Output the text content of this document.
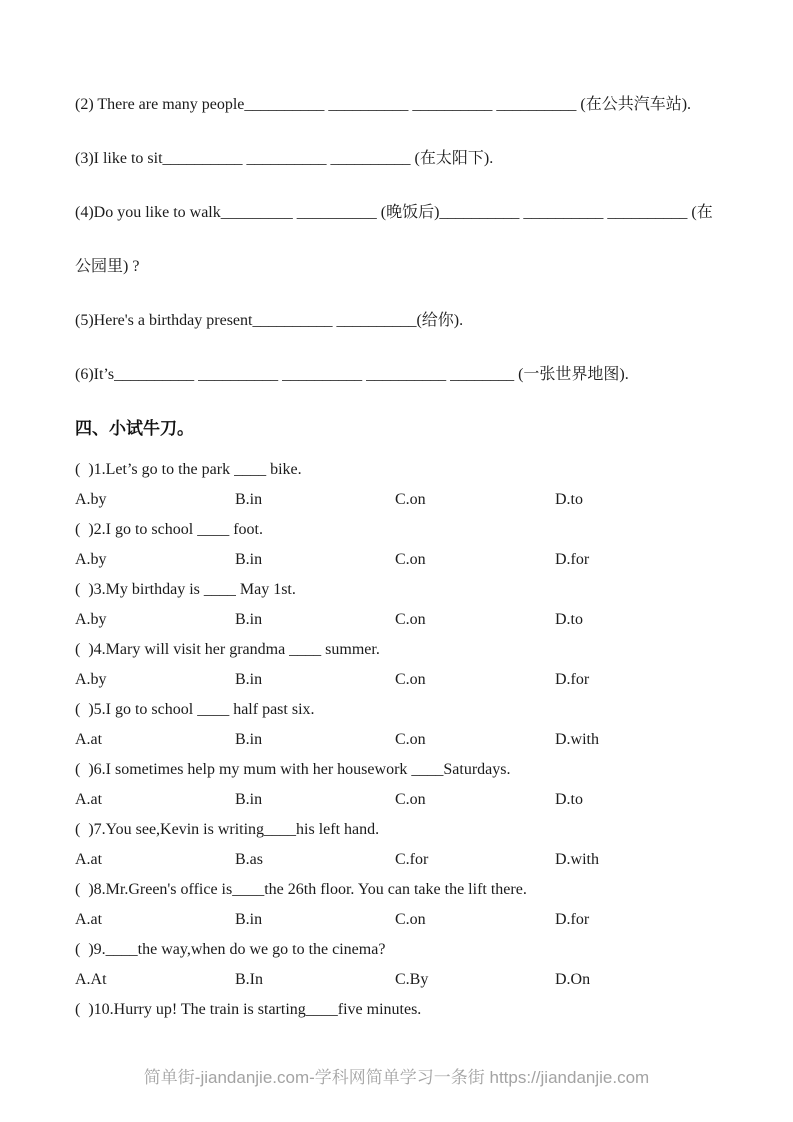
(2) There are many people__________ __________ __________ __________ (在公共汽车站).

(3)I like to sit__________ __________ __________ (在太阳下).

(4)Do you like to walk_________ __________ (晚饭后)__________ __________ __________ (在

公园里) ?

(5)Here's a birthday present__________ __________(给你).

(6)It’s__________ __________ __________ __________ ________ (一张世界地图).

四、小试牛刀。

(  )1.Let’s go to the park ____ bike.

A.by	B.in	C.on	D.to

(  )2.I go to school ____ foot.

A.by	B.in	C.on	D.for

(  )3.My birthday is ____ May 1st.

A.by	B.in	C.on	D.to

(  )4.Mary will visit her grandma ____ summer.

A.by	B.in	C.on	D.for

(  )5.I go to school ____ half past six.

A.at	B.in	C.on	D.with

(  )6.I sometimes help my mum with her housework ____Saturdays.

A.at	B.in	C.on	D.to

(  )7.You see,Kevin is writing____his left hand.

A.at	B.as	C.for	D.with

(  )8.Mr.Green's office is____the 26th floor. You can take the lift there.

A.at	B.in	C.on	D.for

(  )9.____the way,when do we go to the cinema?

A.At	B.In	C.By	D.On

(  )10.Hurry up! The train is starting____five minutes.

简单街-jiandanjie.com-学科网简单学习一条街 https://jiandanjie.com
